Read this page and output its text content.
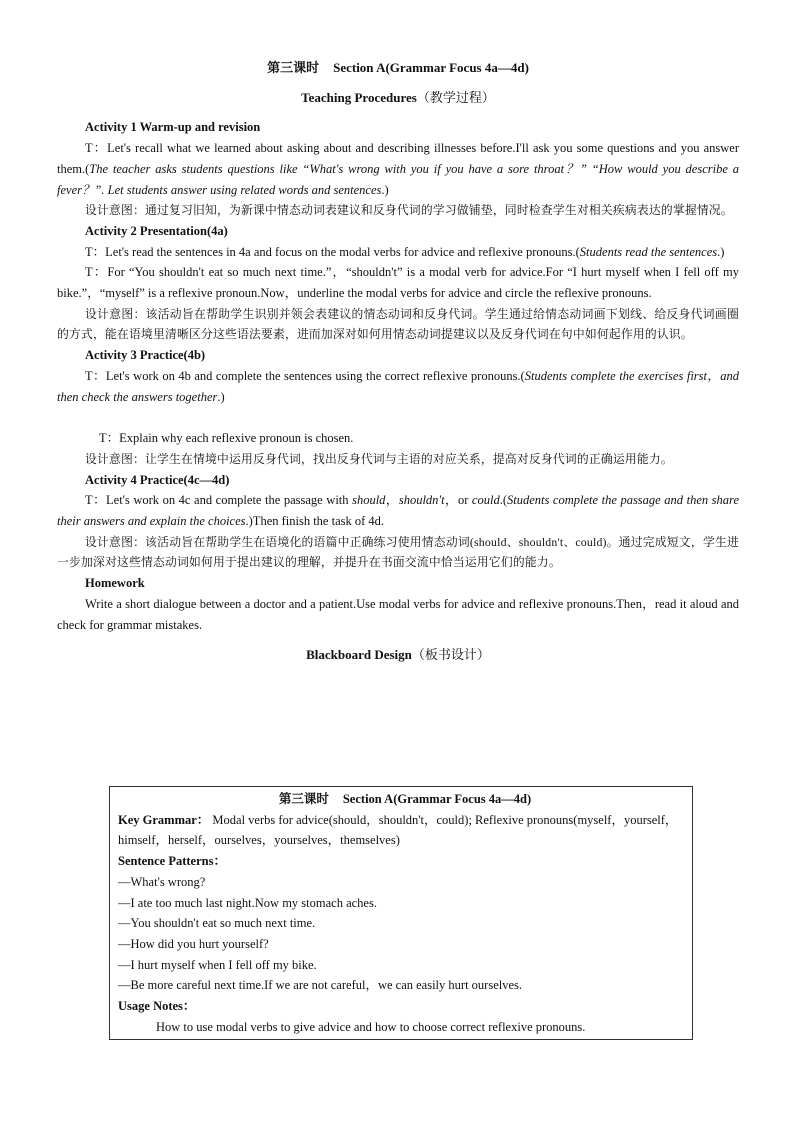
第三课时 Section A(Grammar Focus 4a—4d)
Teaching Procedures（教学过程）
Activity 1 Warm-up and revision

T：Let's recall what we learned about asking about and describing illnesses before.I'll ask you some questions and you answer them.(The teacher asks students questions like “What's wrong with you if you have a sore throat？” “How would you describe a fever？”. Let students answer using related words and sentences.)

设计意图：通过复习旧知，为新课中情态动词表建议和反身代词的学习做铺垫，同时检查学生对相关疾病表达的掌握情况。

Activity 2 Presentation(4a)

T：Let's read the sentences in 4a and focus on the modal verbs for advice and reflexive pronouns.(Students read the sentences.)

T：For “You shouldn't eat so much next time.”，“shouldn't” is a modal verb for advice.For “I hurt myself when I fell off my bike.”，“myself” is a reflexive pronoun.Now，underline the modal verbs for advice and circle the reflexive pronouns.

设计意图：该活动旨在帮助学生识别并领会表建议的情态动词和反身代词。学生通过给情态动词画下划线、给反身代词画圈的方式，能在语境里清晰区分这些语法要素，进而加深对如何用情态动词提建议以及反身代词在句中如何起作用的认识。

Activity 3 Practice(4b)

T：Let's work on 4b and complete the sentences using the correct reflexive pronouns.(Students complete the exercises first，and then check the answers together.)

T：Explain why each reflexive pronoun is chosen.

设计意图：让学生在情境中运用反身代词，找出反身代词与主语的对应关系，提高对反身代词的正确运用能力。

Activity 4 Practice(4c—4d)

T：Let's work on 4c and complete the passage with should，shouldn't，or could.(Students complete the passage and then share their answers and explain the choices.)Then finish the task of 4d.

设计意图：该活动旨在帮助学生在语境化的语篇中正确练习使用情态动词(should、shouldn't、could)。通过完成短文，学生进一步加深对这些情态动词如何用于提出建议的理解，并提升在书面交流中恰当运用它们的能力。

Homework

Write a short dialogue between a doctor and a patient.Use modal verbs for advice and reflexive pronouns.Then，read it aloud and check for grammar mistakes.

Blackboard Design（板书设计）
第三课时 Section A(Grammar Focus 4a—4d)
Key Grammar： Modal verbs for advice(should，shouldn't，could); Reflexive pronouns(myself，yourself，himself，herself，ourselves，yourselves，themselves)
Sentence Patterns：
—What's wrong?
—I ate too much last night.Now my stomach aches.
—You shouldn't eat so much next time.
—How did you hurt yourself?
—I hurt myself when I fell off my bike.
—Be more careful next time.If we are not careful，we can easily hurt ourselves.
Usage Notes：
How to use modal verbs to give advice and how to choose correct reflexive pronouns.
